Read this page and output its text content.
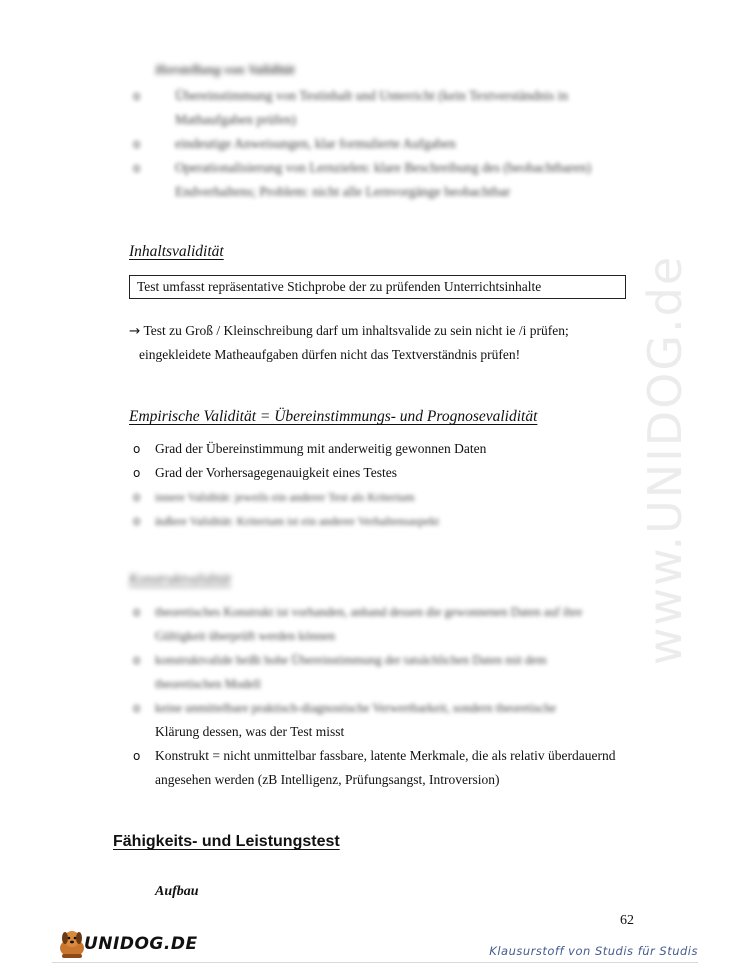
www.UNIDOG.de
Herstellung von Validität
o	Übereinstimmung von Testinhalt und Unterricht (kein Textverständnis in
Mathaufgaben prüfen)
o	eindeutige Anweisungen, klar formulierte Aufgaben
o	Operationalisierung von Lernzielen: klare Beschreibung des (beobachtbaren)
Endverhaltens; Problem: nicht alle Lernvorgänge beobachtbar
Inhaltsvalidität
Test umfasst repräsentative Stichprobe der zu prüfenden Unterrichtsinhalte
→ Test zu Groß / Kleinschreibung darf um inhaltsvalide zu sein nicht ie /i prüfen;
eingekleidete Matheaufgaben dürfen nicht das Textverständnis prüfen!
Empirische Validität = Übereinstimmungs- und Prognosevalidität
o	Grad der Übereinstimmung mit anderweitig gewonnen Daten
o	Grad der Vorhersagegenauigkeit eines Testes
o	innere Validität: jeweils ein anderer Test als Kriterium
o	äußere Validität: Kriterium ist ein anderer Verhaltensaspekt
Konstruktvalidität
o	theoretisches Konstrukt ist vorhanden, anhand dessen die gewonnenen Daten auf ihre
Gültigkeit überprüft werden können
o	konstruktvalide heißt hohe Übereinstimmung der tatsächlichen Daten mit dem
theoretischen Modell
o	keine unmittelbare praktisch-diagnostische Verwertbarkeit, sondern theoretische
Klärung dessen, was der Test misst
o	Konstrukt = nicht unmittelbar fassbare, latente Merkmale, die als relativ überdauernd
angesehen werden (zB Intelligenz, Prüfungsangst, Introversion)
Fähigkeits- und Leistungstest
Aufbau
62
UNIDOG.DE	Klausurstoff von Studis für Studis
